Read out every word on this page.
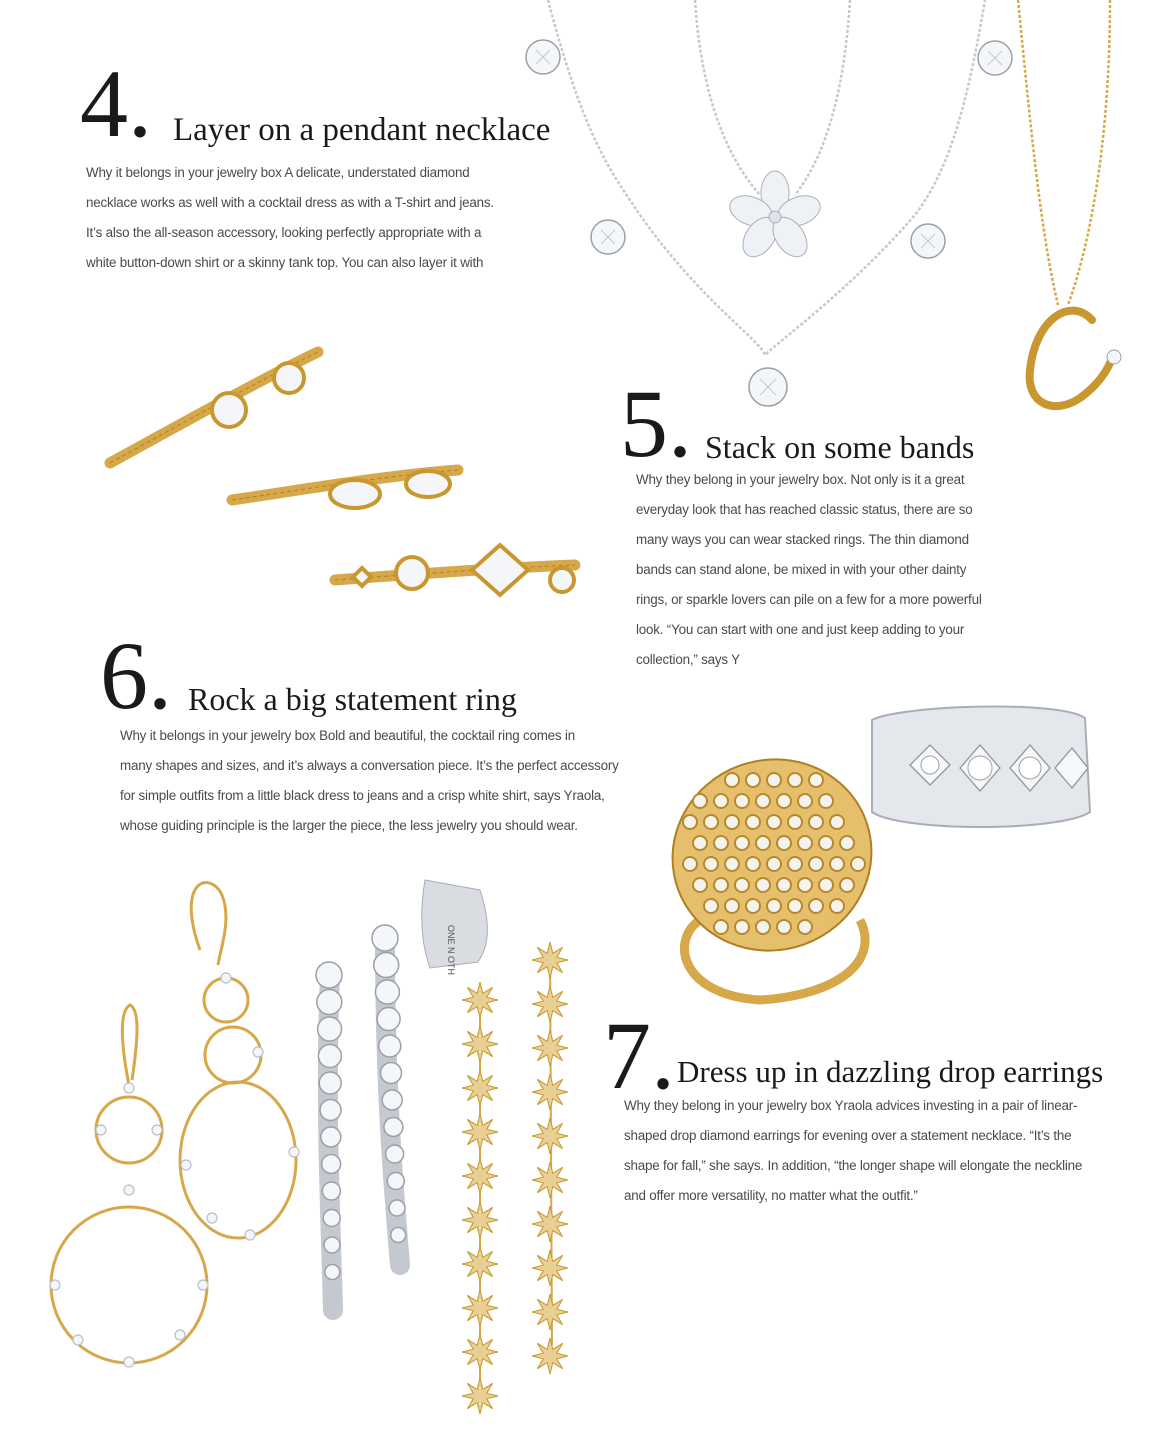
ONE N OTH
4. Layer on a pendant necklace
Why it belongs in your jewelry box A delicate, understated diamond
necklace works as well with a cocktail dress as with a T-shirt and jeans.
It’s also the all-season accessory, looking perfectly appropriate with a
white button-down shirt or a skinny tank top. You can also layer it with
5. Stack on some bands
Why they belong in your jewelry box. Not only is it a great
everyday look that has reached classic status, there are so
many ways you can wear stacked rings. The thin diamond
bands can stand alone, be mixed in with your other dainty
rings, or sparkle lovers can pile on a few for a more powerful
look. “You can start with one and just keep adding to your
collection,” says Y
6. Rock a big statement ring
Why it belongs in your jewelry box Bold and beautiful, the cocktail ring comes in
many shapes and sizes, and it’s always a conversation piece. It’s the perfect accessory
for simple outfits from a little black dress to jeans and a crisp white shirt, says Yraola,
whose guiding principle is the larger the piece, the less jewelry you should wear.
7. Dress up in dazzling drop earrings
Why they belong in your jewelry box Yraola advices investing in a pair of linear-
shaped drop diamond earrings for evening over a statement necklace. “It’s the
shape for fall,” she says. In addition, “the longer shape will elongate the neckline
and offer more versatility, no matter what the outfit.”
